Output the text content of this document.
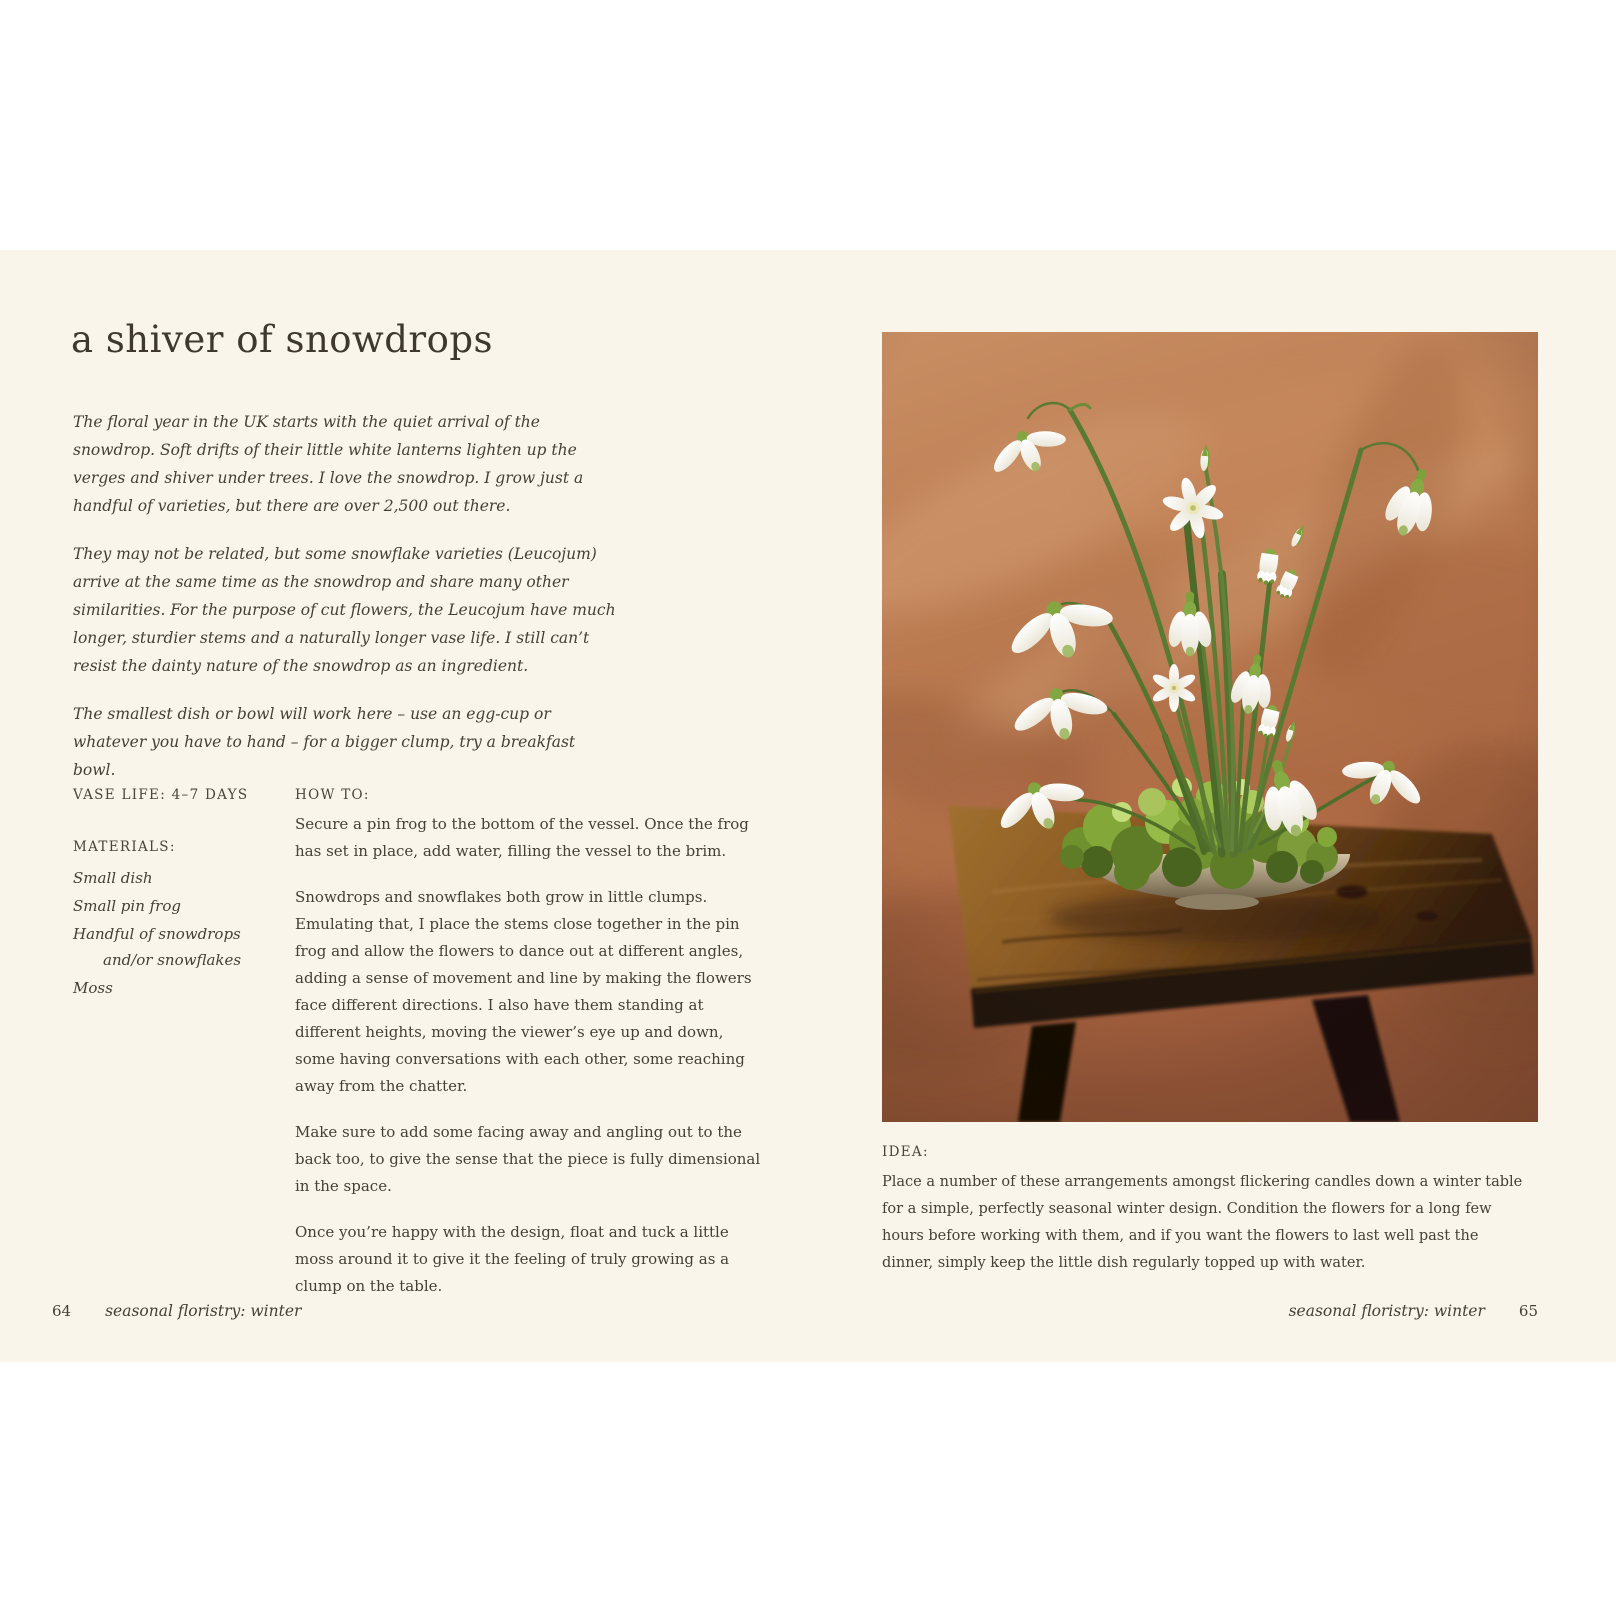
a shiver of snowdrops

The floral year in the UK starts with the quiet arrival of the snowdrop. Soft drifts of their little white lanterns lighten up the verges and shiver under trees. I love the snowdrop. I grow just a handful of varieties, but there are over 2,500 out there.

They may not be related, but some snowflake varieties (Leucojum) arrive at the same time as the snowdrop and share many other similarities. For the purpose of cut flowers, the Leucojum have much longer, sturdier stems and a naturally longer vase life. I still can’t resist the dainty nature of the snowdrop as an ingredient.

The smallest dish or bowl will work here – use an egg-cup or whatever you have to hand – for a bigger clump, try a breakfast bowl.

VASE LIFE: 4–7 DAYS
MATERIALS:
Small dish
Small pin frog
Handful of snowdrops and/or snowflakes
Moss
HOW TO:

Secure a pin frog to the bottom of the vessel. Once the frog has set in place, add water, filling the vessel to the brim.

Snowdrops and snowflakes both grow in little clumps. Emulating that, I place the stems close together in the pin frog and allow the flowers to dance out at different angles, adding a sense of movement and line by making the flowers face different directions. I also have them standing at different heights, moving the viewer’s eye up and down, some having conversations with each other, some reaching away from the chatter.

Make sure to add some facing away and angling out to the back too, to give the sense that the piece is fully dimensional in the space.

Once you’re happy with the design, float and tuck a little moss around it to give it the feeling of truly growing as a clump on the table.

IDEA:

Place a number of these arrangements amongst flickering candles down a winter table for a simple, perfectly seasonal winter design. Condition the flowers for a long few hours before working with them, and if you want the flowers to last well past the dinner, simply keep the little dish regularly topped up with water.

64 seasonal floristry: winter	seasonal floristry: winter 65
